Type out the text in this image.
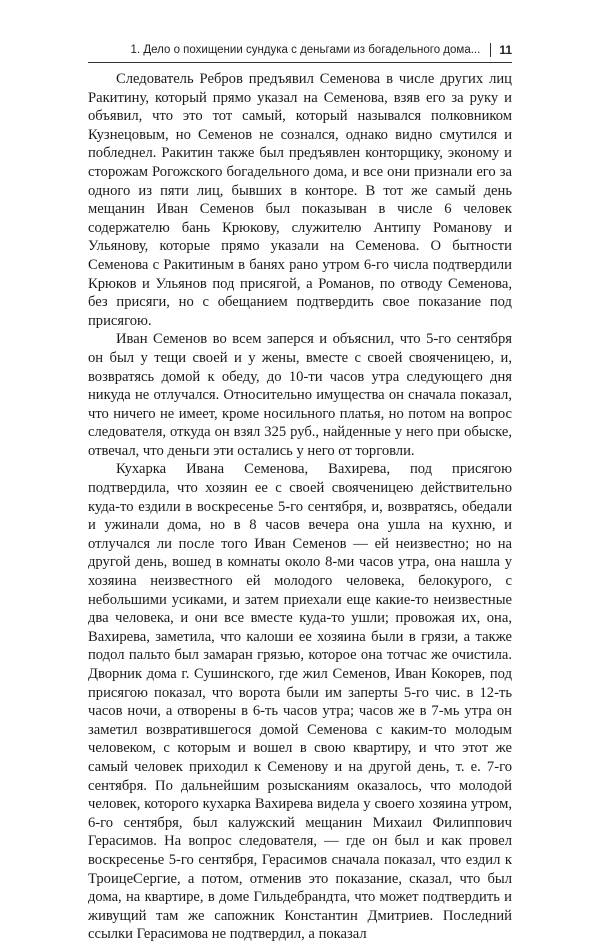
1. Дело о похищении сундука с деньгами из богадельного дома... 11

Следователь Ребров предъявил Семенова в числе других лиц Ракитину, который прямо указал на Семенова, взяв его за руку и объявил, что это тот самый, который назывался полковником Кузнецовым, но Семенов не сознался, однако видно смутился и побледнел. Ракитин также был предъявлен конторщику, эконому и сторожам Рогожского богадельного дома, и все они признали его за одного из пяти лиц, бывших в конторе. В тот же самый день мещанин Иван Семенов был показыван в числе 6 человек содержателю бань Крюкову, служителю Антипу Романову и Ульянову, которые прямо указали на Семенова. О бытности Семенова с Ракитиным в банях рано утром 6-го числа подтвердили Крюков и Ульянов под присягой, а Романов, по отводу Семенова, без присяги, но с обещанием подтвердить свое показание под присягою.

Иван Семенов во всем заперся и объяснил, что 5-го сентября он был у тещи своей и у жены, вместе с своей свояченицею, и, возвратясь домой к обеду, до 10-ти часов утра следующего дня никуда не отлучался. Относительно имущества он сначала показал, что ничего не имеет, кроме носильного платья, но потом на вопрос следователя, откуда он взял 325 руб., найденные у него при обыске, отвечал, что деньги эти остались у него от торговли.

Кухарка Ивана Семенова, Вахирева, под присягою подтвердила, что хозяин ее с своей свояченицею действительно куда-то ездили в воскресенье 5-го сентября, и, возвратясь, обедали и ужинали дома, но в 8 часов вечера она ушла на кухню, и отлучался ли после того Иван Семенов — ей неизвестно; но на другой день, вошед в комнаты около 8-ми часов утра, она нашла у хозяина неизвестного ей молодого человека, белокурого, с небольшими усиками, и затем приехали еще какие-то неизвестные два человека, и они все вместе куда-то ушли; провожая их, она, Вахирева, заметила, что калоши ее хозяина были в грязи, а также подол пальто был замаран грязью, которое она тотчас же очистила. Дворник дома г. Сушинского, где жил Семенов, Иван Кокорев, под присягою показал, что ворота были им заперты 5-го чис. в 12-ть часов ночи, а отворены в 6-ть часов утра; часов же в 7-мь утра он заметил возвратившегося домой Семенова с каким-то молодым человеком, с которым и вошел в свою квартиру, и что этот же самый человек приходил к Семенову и на другой день, т. е. 7-го сентября. По дальнейшим розысканиям оказалось, что молодой человек, которого кухарка Вахирева видела у своего хозяина утром, 6-го сентября, был калужский мещанин Михаил Филиппович Герасимов. На вопрос следователя, — где он был и как провел воскресенье 5-го сентября, Герасимов сначала показал, что ездил к ТроицеСергие, а потом, отменив это показание, сказал, что был дома, на квартире, в доме Гильдебрандта, что может подтвердить и живущий там же сапожник Константин Дмитриев. Последний ссылки Герасимова не подтвердил, а показал
